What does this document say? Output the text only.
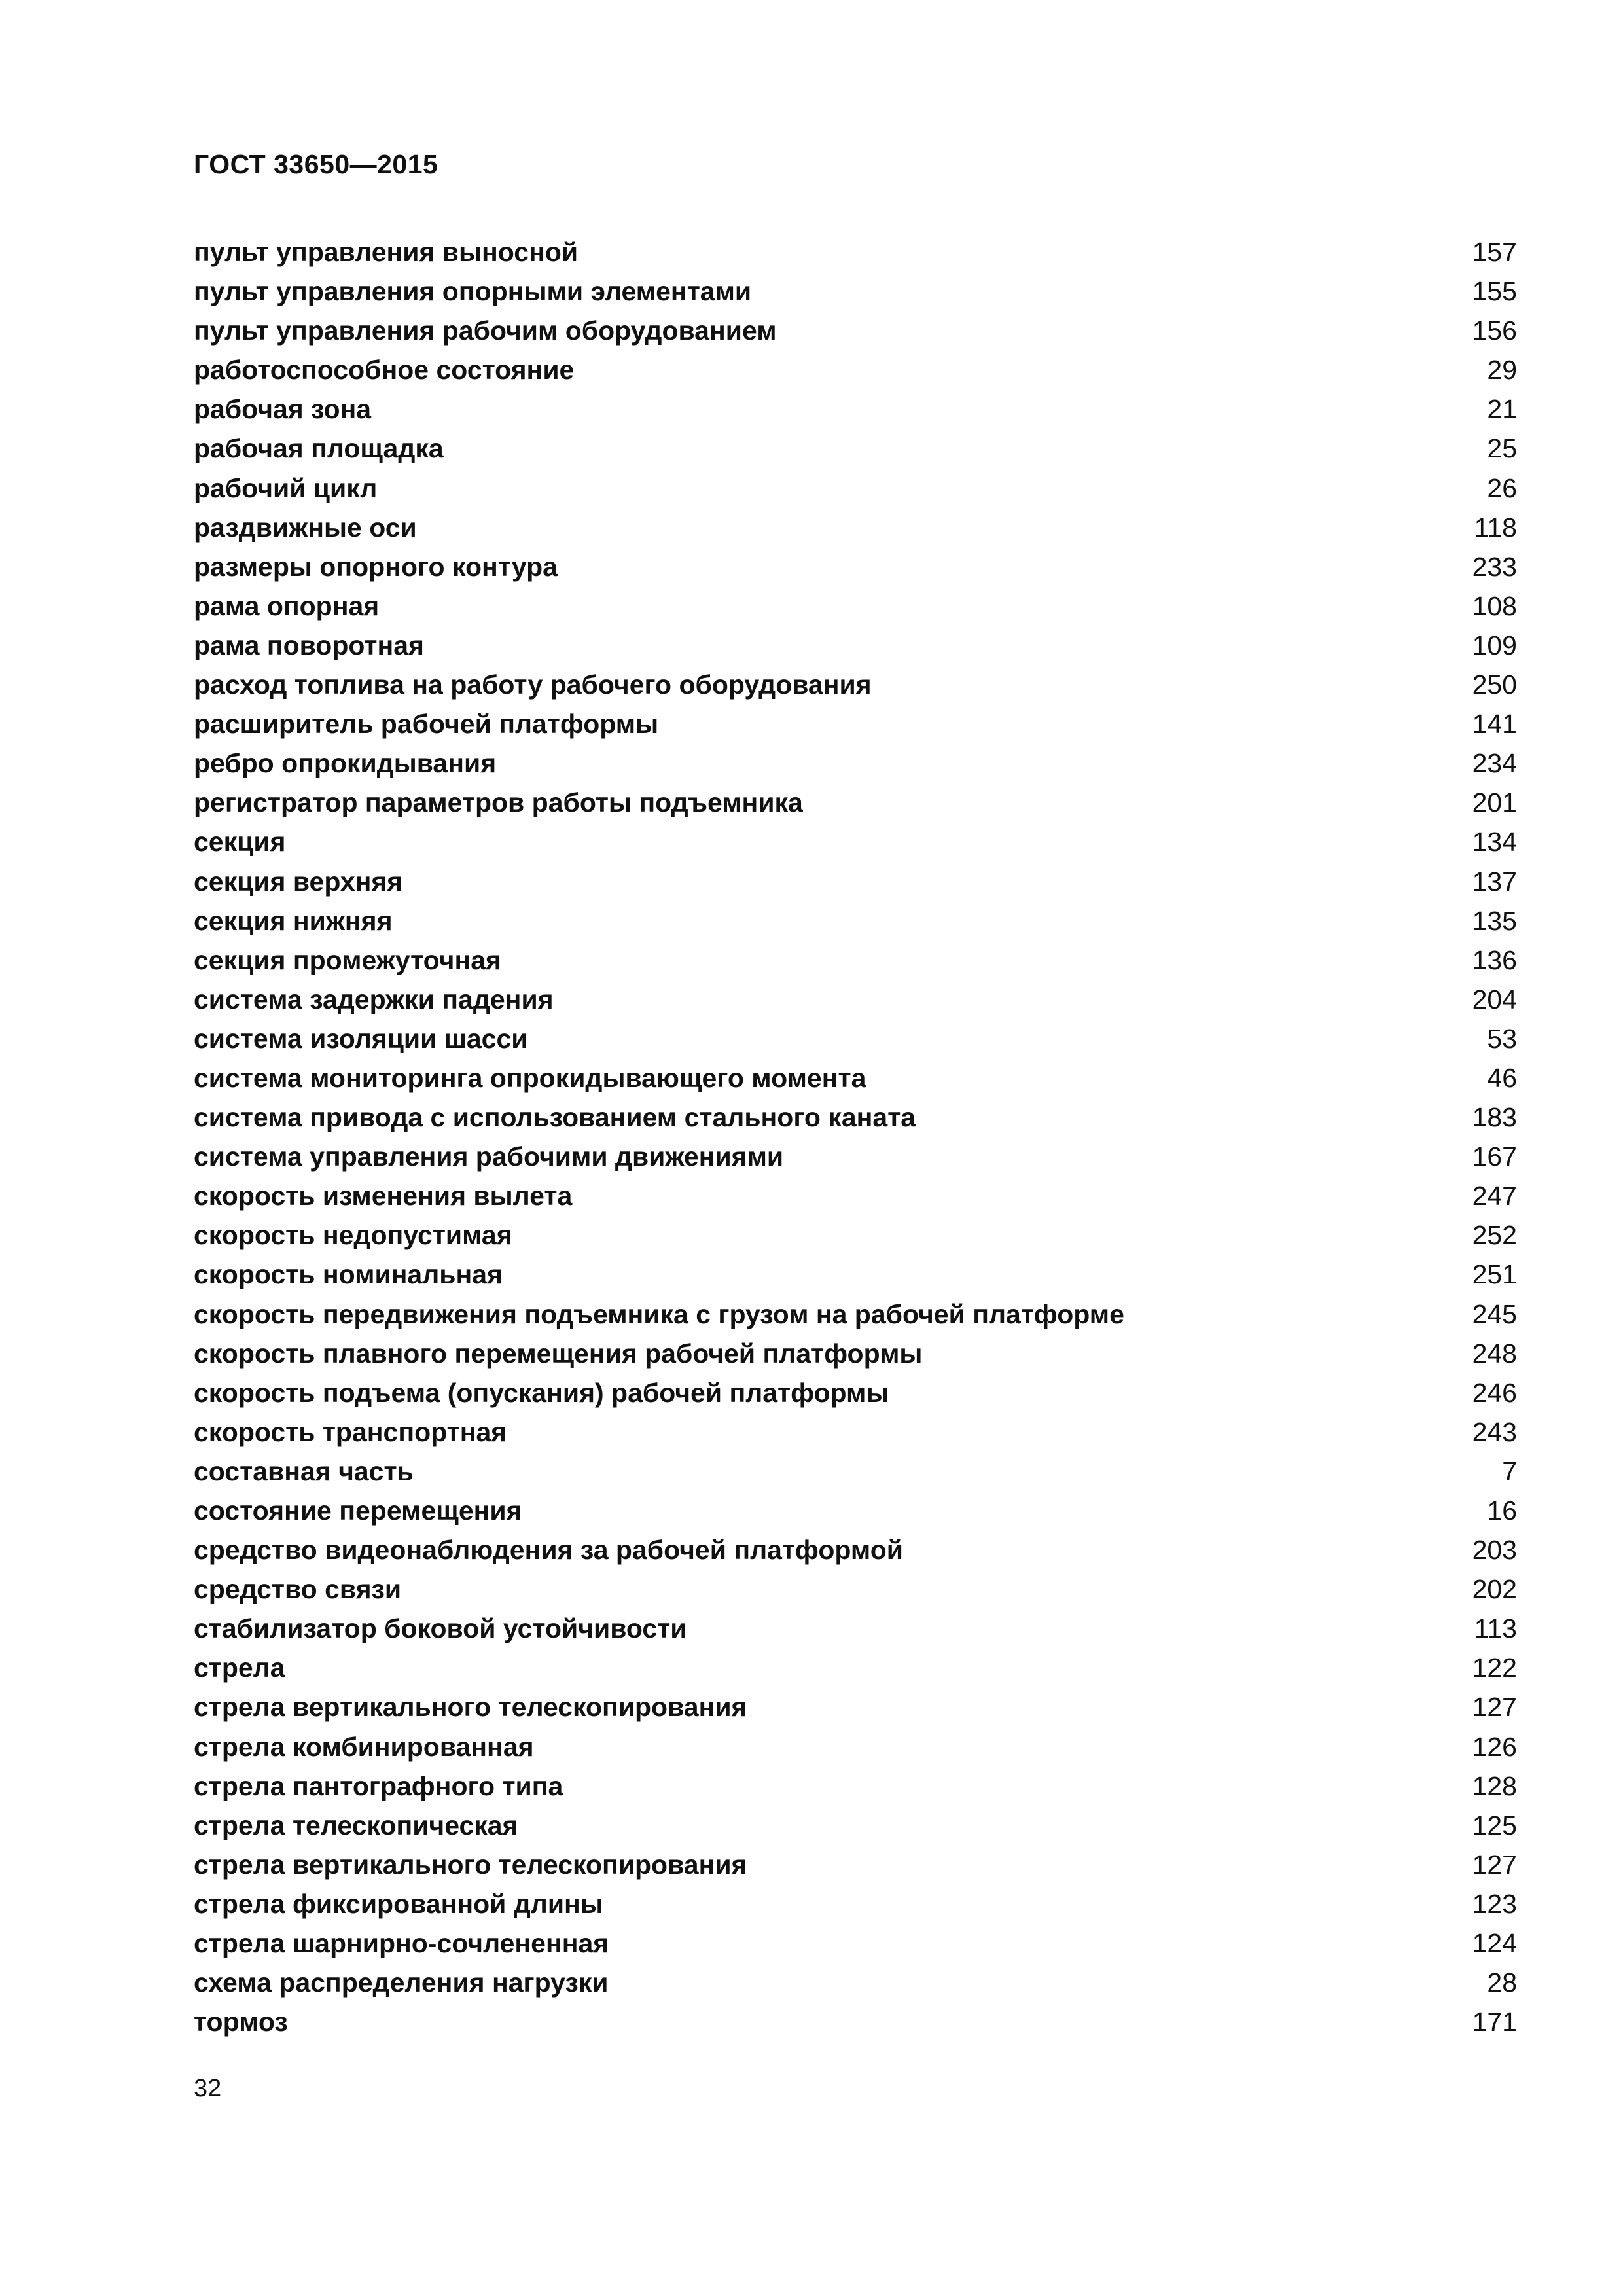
ГОСТ 33650—2015
пульт управления выносной	157
пульт управления опорными элементами	155
пульт управления рабочим оборудованием	156
работоспособное состояние	29
рабочая зона	21
рабочая площадка	25
рабочий цикл	26
раздвижные оси	118
размеры опорного контура	233
рама опорная	108
рама поворотная	109
расход топлива на работу рабочего оборудования	250
расширитель рабочей платформы	141
ребро опрокидывания	234
регистратор параметров работы подъемника	201
секция	134
секция верхняя	137
секция нижняя	135
секция промежуточная	136
система задержки падения	204
система изоляции шасси	53
система мониторинга опрокидывающего момента	46
система привода с использованием стального каната	183
система управления рабочими движениями	167
скорость изменения вылета	247
скорость недопустимая	252
скорость номинальная	251
скорость передвижения подъемника с грузом на рабочей платформе	245
скорость плавного перемещения рабочей платформы	248
скорость подъема (опускания) рабочей платформы	246
скорость транспортная	243
составная часть	7
состояние перемещения	16
средство видеонаблюдения за рабочей платформой	203
средство связи	202
стабилизатор боковой устойчивости	113
стрела	122
стрела вертикального телескопирования	127
стрела комбинированная	126
стрела пантографного типа	128
стрела телескопическая	125
стрела вертикального телескопирования	127
стрела фиксированной длины	123
стрела шарнирно-сочлененная	124
схема распределения нагрузки	28
тормоз	171
32
